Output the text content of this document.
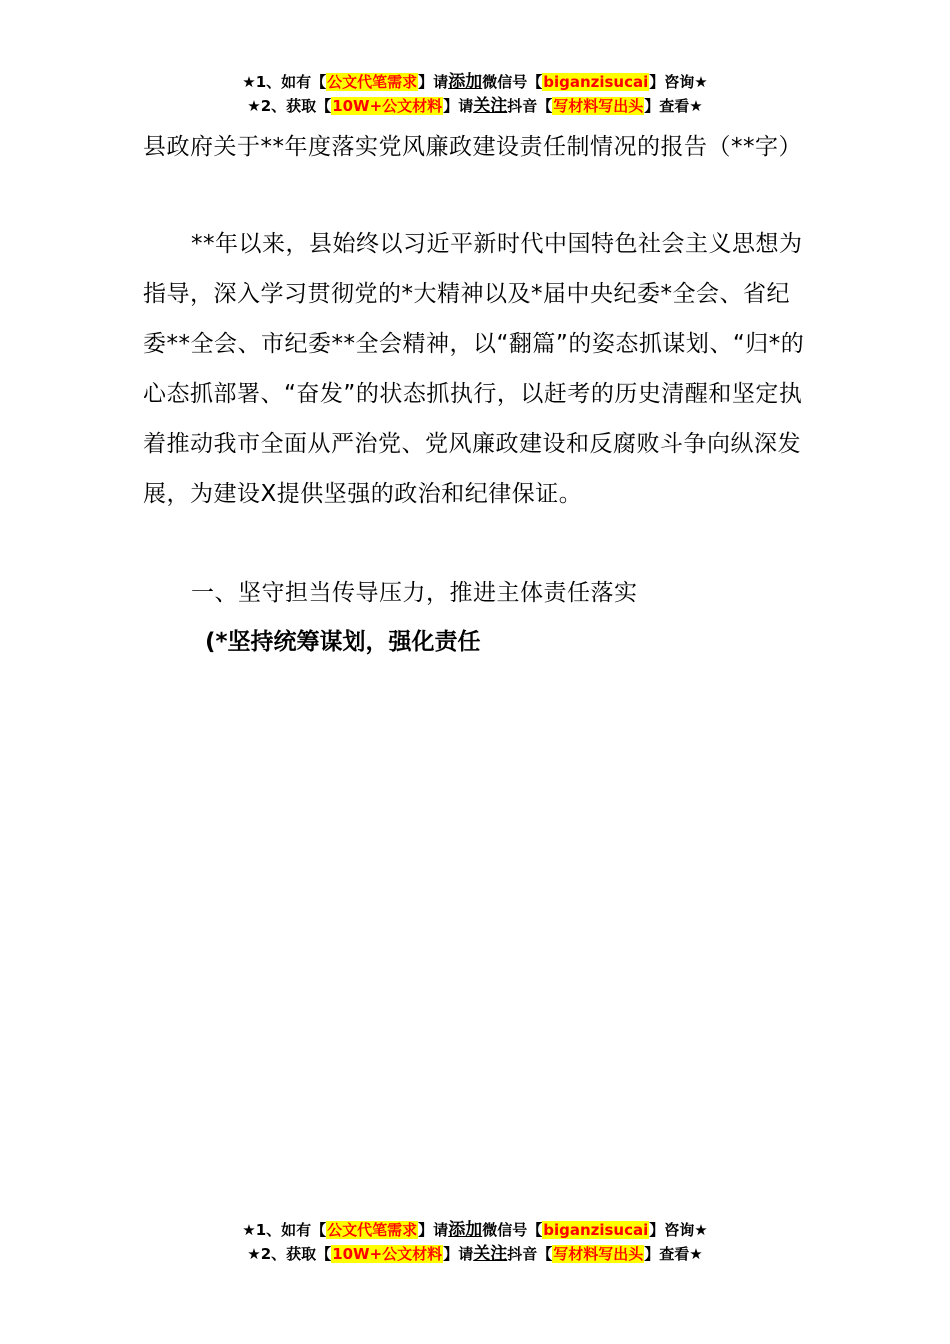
★1、如有【公文代笔需求】请添加微信号【biganzisucai】咨询★
★2、获取【10W+公文材料】请关注抖音【写材料写出头】查看★
县政府关于**年度落实党风廉政建设责任制情况的报告（**字）
**年以来，县始终以习近平新时代中国特色社会主义思想为指导，深入学习贯彻党的*大精神以及*届中央纪委*全会、省纪委**全会、市纪委**全会精神，以“翻篇”的姿态抓谋划、“归*的心态抓部署、“奋发”的状态抓执行，以赶考的历史清醒和坚定执着推动我市全面从严治党、党风廉政建设和反腐败斗争向纵深发展，为建设X提供坚强的政治和纪律保证。
一、坚守担当传导压力，推进主体责任落实
(*坚持统筹谋划，强化责任
★1、如有【公文代笔需求】请添加微信号【biganzisucai】咨询★
★2、获取【10W+公文材料】请关注抖音【写材料写出头】查看★
